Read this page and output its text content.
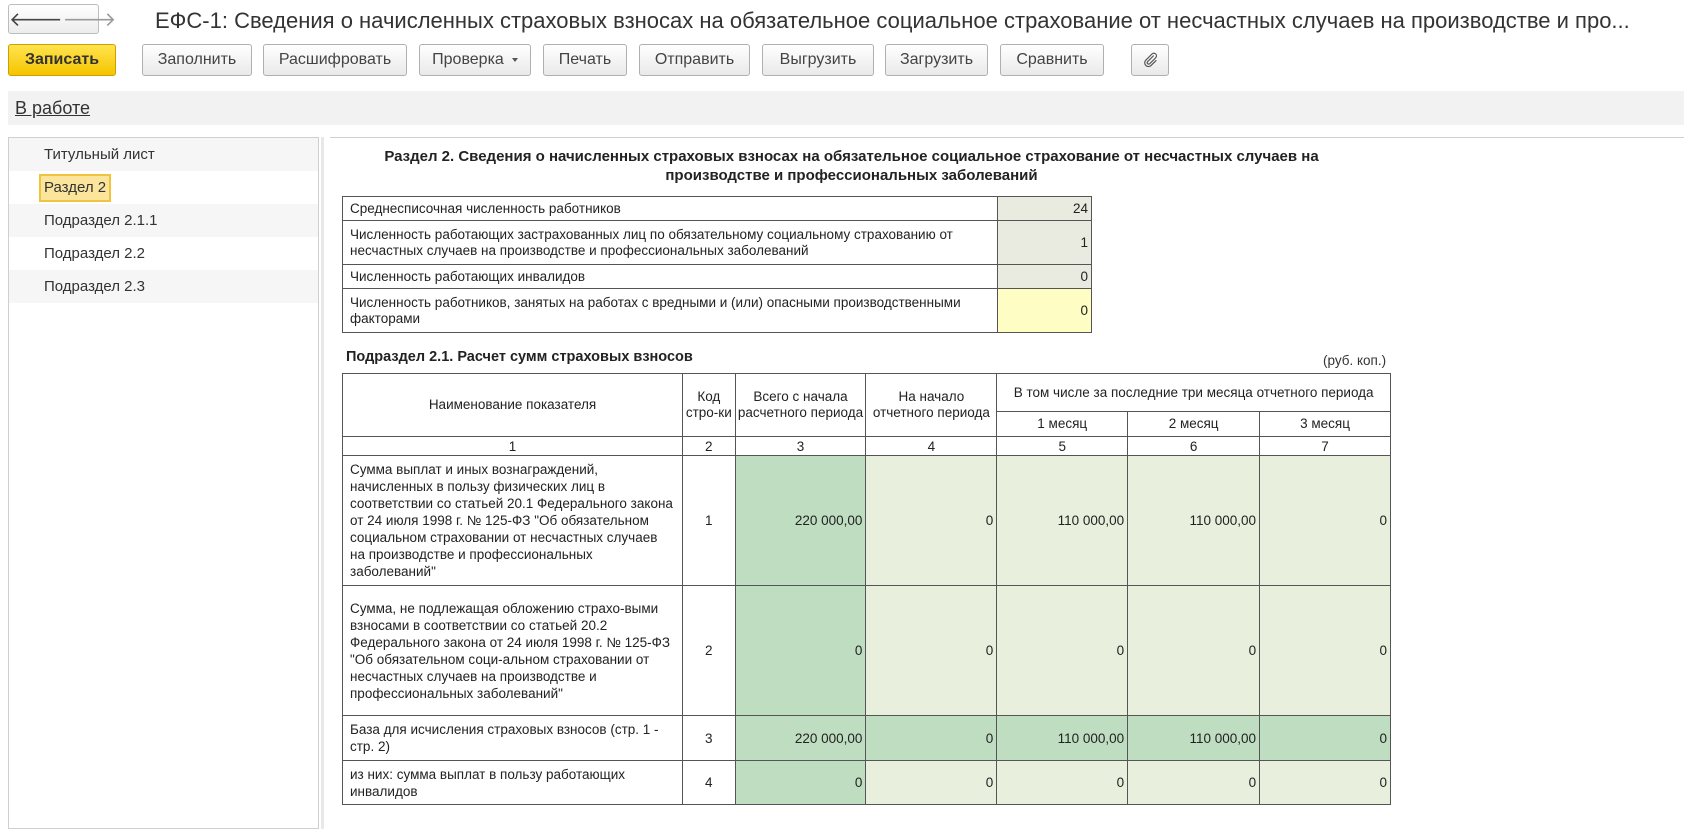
🡐 🡒 ЕФС-1: Сведения о начисленных страховых взносах на обязательное социальное страхование от несчастных случаев на производстве и про...
Записать	Заполнить	Расшифровать	Проверка	Печать	Отправить	Выгрузить	Загрузить	Сравнить
В работе
Титульный лист
Раздел 2
Подраздел 2.1.1
Подраздел 2.2
Подраздел 2.3
Раздел 2. Сведения о начисленных страховых взносах на обязательное социальное страхование от несчастных случаев на
производстве и профессиональных заболеваний
Среднесписочная численность работников	24
Численность работающих застрахованных лиц по обязательному социальному страхованию от несчастных случаев на производстве и профессиональных заболеваний	1
Численность работающих инвалидов	0
Численность работников, занятых на работах с вредными и (или) опасными производственными факторами	0
Подраздел 2.1. Расчет сумм страховых взносов	(руб. коп.)
Наименование показателя	Код стро-ки	Всего с начала расчетного периода	На начало отчетного периода	В том числе за последние три месяца отчетного периода		
				1 месяц	2 месяц	3 месяц
1	2	3	4	5	6	7
Сумма выплат и иных вознаграждений, начисленных в пользу физических лиц в соответствии со статьей 20.1 Федерального закона от 24 июля 1998 г. № 125-ФЗ "Об обязательном социальном страховании от несчастных случаев на производстве и профессиональных заболеваний"	1	220 000,00	0	110 000,00	110 000,00	0
Сумма, не подлежащая обложению страхо-выми взносами в соответствии со статьей 20.2 Федерального закона от 24 июля 1998 г. № 125-ФЗ "Об обязательном соци-альном страховании от несчастных случаев на производстве и профессиональных заболеваний"	2	0	0	0	0	0
База для исчисления страховых взносов (стр. 1 - стр. 2)	3	220 000,00	0	110 000,00	110 000,00	0
из них: сумма выплат в пользу работающих инвалидов	4	0	0	0	0	0
